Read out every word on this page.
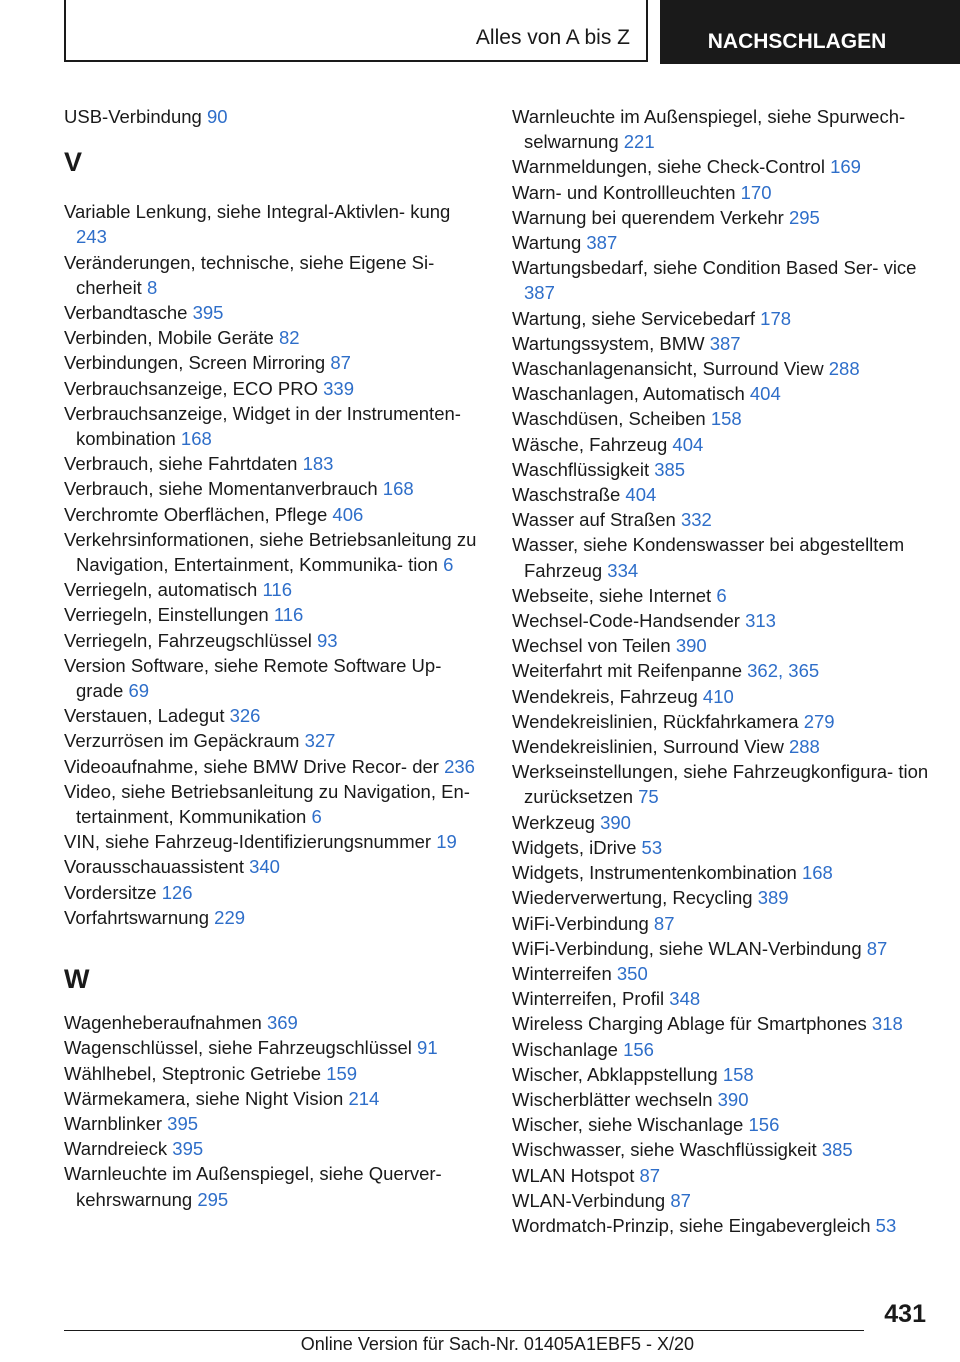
Alles von A bis Z	NACHSCHLAGEN
USB-Verbindung 90
V
Variable Lenkung, siehe Integral-Aktivlen- kung 243
Veränderungen, technische, siehe Eigene Si- cherheit 8
Verbandtasche 395
Verbinden, Mobile Geräte 82
Verbindungen, Screen Mirroring 87
Verbrauchsanzeige, ECO PRO 339
Verbrauchsanzeige, Widget in der Instrumenten- kombination 168
Verbrauch, siehe Fahrtdaten 183
Verbrauch, siehe Momentanverbrauch 168
Verchromte Oberflächen, Pflege 406
Verkehrsinformationen, siehe Betriebsanleitung zu Navigation, Entertainment, Kommunika- tion 6
Verriegeln, automatisch 116
Verriegeln, Einstellungen 116
Verriegeln, Fahrzeugschlüssel 93
Version Software, siehe Remote Software Up- grade 69
Verstauen, Ladegut 326
Verzurrösen im Gepäckraum 327
Videoaufnahme, siehe BMW Drive Recor- der 236
Video, siehe Betriebsanleitung zu Navigation, En- tertainment, Kommunikation 6
VIN, siehe Fahrzeug-Identifizierungsnummer 19
Vorausschauassistent 340
Vordersitze 126
Vorfahrtswarnung 229
W
Wagenheberaufnahmen 369
Wagenschlüssel, siehe Fahrzeugschlüssel 91
Wählhebel, Steptronic Getriebe 159
Wärmekamera, siehe Night Vision 214
Warnblinker 395
Warndreieck 395
Warnleuchte im Außenspiegel, siehe Querver- kehrswarnung 295
Warnleuchte im Außenspiegel, siehe Spurwech- selwarnung 221
Warnmeldungen, siehe Check-Control 169
Warn- und Kontrollleuchten 170
Warnung bei querendem Verkehr 295
Wartung 387
Wartungsbedarf, siehe Condition Based Ser- vice 387
Wartung, siehe Servicebedarf 178
Wartungssystem, BMW 387
Waschanlagenansicht, Surround View 288
Waschanlagen, Automatisch 404
Waschdüsen, Scheiben 158
Wäsche, Fahrzeug 404
Waschflüssigkeit 385
Waschstraße 404
Wasser auf Straßen 332
Wasser, siehe Kondenswasser bei abgestelltem Fahrzeug 334
Webseite, siehe Internet 6
Wechsel-Code-Handsender 313
Wechsel von Teilen 390
Weiterfahrt mit Reifenpanne 362, 365
Wendekreis, Fahrzeug 410
Wendekreislinien, Rückfahrkamera 279
Wendekreislinien, Surround View 288
Werkseinstellungen, siehe Fahrzeugkonfigura- tion zurücksetzen 75
Werkzeug 390
Widgets, iDrive 53
Widgets, Instrumentenkombination 168
Wiederverwertung, Recycling 389
WiFi-Verbindung 87
WiFi-Verbindung, siehe WLAN-Verbindung 87
Winterreifen 350
Winterreifen, Profil 348
Wireless Charging Ablage für Smartphones 318
Wischanlage 156
Wischer, Abklappstellung 158
Wischerblätter wechseln 390
Wischer, siehe Wischanlage 156
Wischwasser, siehe Waschflüssigkeit 385
WLAN Hotspot 87
WLAN-Verbindung 87
Wordmatch-Prinzip, siehe Eingabevergleich 53
431
Online Version für Sach-Nr. 01405A1EBF5 - X/20
